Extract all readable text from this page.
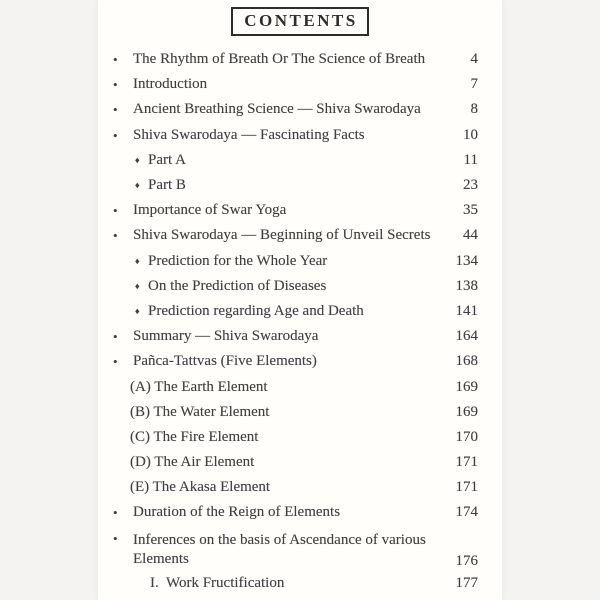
CONTENTS
•	The Rhythm of Breath Or The Science of Breath	4
•	Introduction	7
•	Ancient Breathing Science — Shiva Swarodaya	8
•	Shiva Swarodaya — Fascinating Facts	10
♦ Part A	11
♦ Part B	23
•	Importance of Swar Yoga	35
•	Shiva Swarodaya — Beginning of Unveil Secrets	44
♦ Prediction for the Whole Year	134
♦ On the Prediction of Diseases	138
♦ Prediction regarding Age and Death	141
•	Summary — Shiva Swarodaya	164
•	Pañca-Tattvas (Five Elements)	168
(A) The Earth Element	169
(B) The Water Element	169
(C) The Fire Element	170
(D) The Air Element	171
(E) The Akasa Element	171
•	Duration of the Reign of Elements	174
•	Inferences on the basis of Ascendance of various Elements	176
I. Work Fructification	177
